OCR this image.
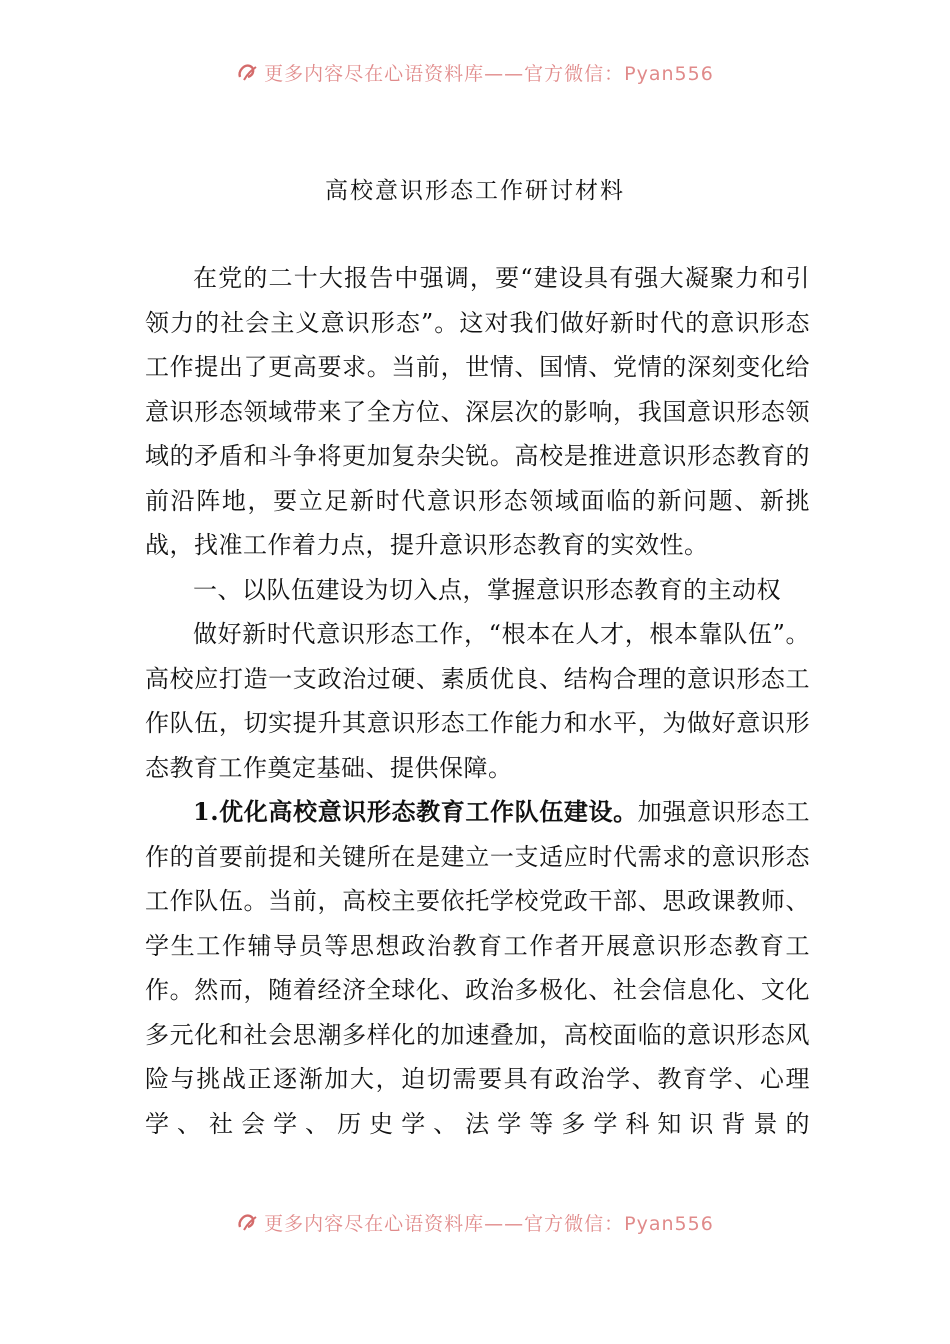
更多内容尽在心语资料库——官方微信：Pyan556
高校意识形态工作研讨材料

在党的二十大报告中强调，要“建设具有强大凝聚力和引领力的社会主义意识形态”。这对我们做好新时代的意识形态工作提出了更高要求。当前，世情、国情、党情的深刻变化给意识形态领域带来了全方位、深层次的影响，我国意识形态领域的矛盾和斗争将更加复杂尖锐。高校是推进意识形态教育的前沿阵地，要立足新时代意识形态领域面临的新问题、新挑战，找准工作着力点，提升意识形态教育的实效性。

一、以队伍建设为切入点，掌握意识形态教育的主动权

做好新时代意识形态工作，“根本在人才，根本靠队伍”。高校应打造一支政治过硬、素质优良、结构合理的意识形态工作队伍，切实提升其意识形态工作能力和水平，为做好意识形态教育工作奠定基础、提供保障。

1.优化高校意识形态教育工作队伍建设。加强意识形态工作的首要前提和关键所在是建立一支适应时代需求的意识形态工作队伍。当前，高校主要依托学校党政干部、思政课教师、学生工作辅导员等思想政治教育工作者开展意识形态教育工作。然而，随着经济全球化、政治多极化、社会信息化、文化多元化和社会思潮多样化的加速叠加，高校面临的意识形态风险与挑战正逐渐加大，迫切需要具有政治学、教育学、心理学、社会学、历史学、法学等多学科知识背景的

更多内容尽在心语资料库——官方微信：Pyan556
